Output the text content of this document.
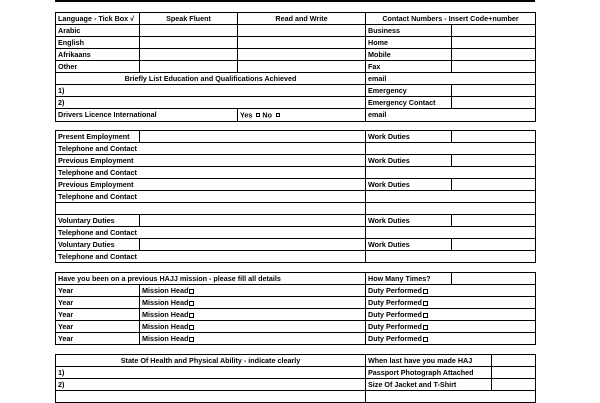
Language - Tick Box √	Speak Fluent	Read and Write	Contact Numbers - Insert Code+number	
Arabic			Business	
English			Home	
Afrikaans			Mobile	
Other			Fax	
Briefly List Education and Qualifications Achieved			email	
1)			Emergency	
2)			Emergency Contact	
Drivers Licence International		Yes No	email	
Present Employment		Work Duties	
Telephone and Contact			
Previous Employment		Work Duties	
Telephone and Contact			
Previous Employment		Work Duties	
Telephone and Contact			

Voluntary Duties		Work Duties	
Telephone and Contact			
Voluntary Duties		Work Duties	
Telephone and Contact			
Have you been on a previous HAJJ mission - please fill all details		How Many Times?	
Year	Mission Head	Duty Performed	
Year	Mission Head	Duty Performed	
Year	Mission Head	Duty Performed	
Year	Mission Head	Duty Performed	
Year	Mission Head	Duty Performed	
State Of Health and Physical Ability - indicate clearly	When last have you made HAJ	
1)	Passport Photograph Attached	
2)	Size Of Jacket and T-Shirt	
